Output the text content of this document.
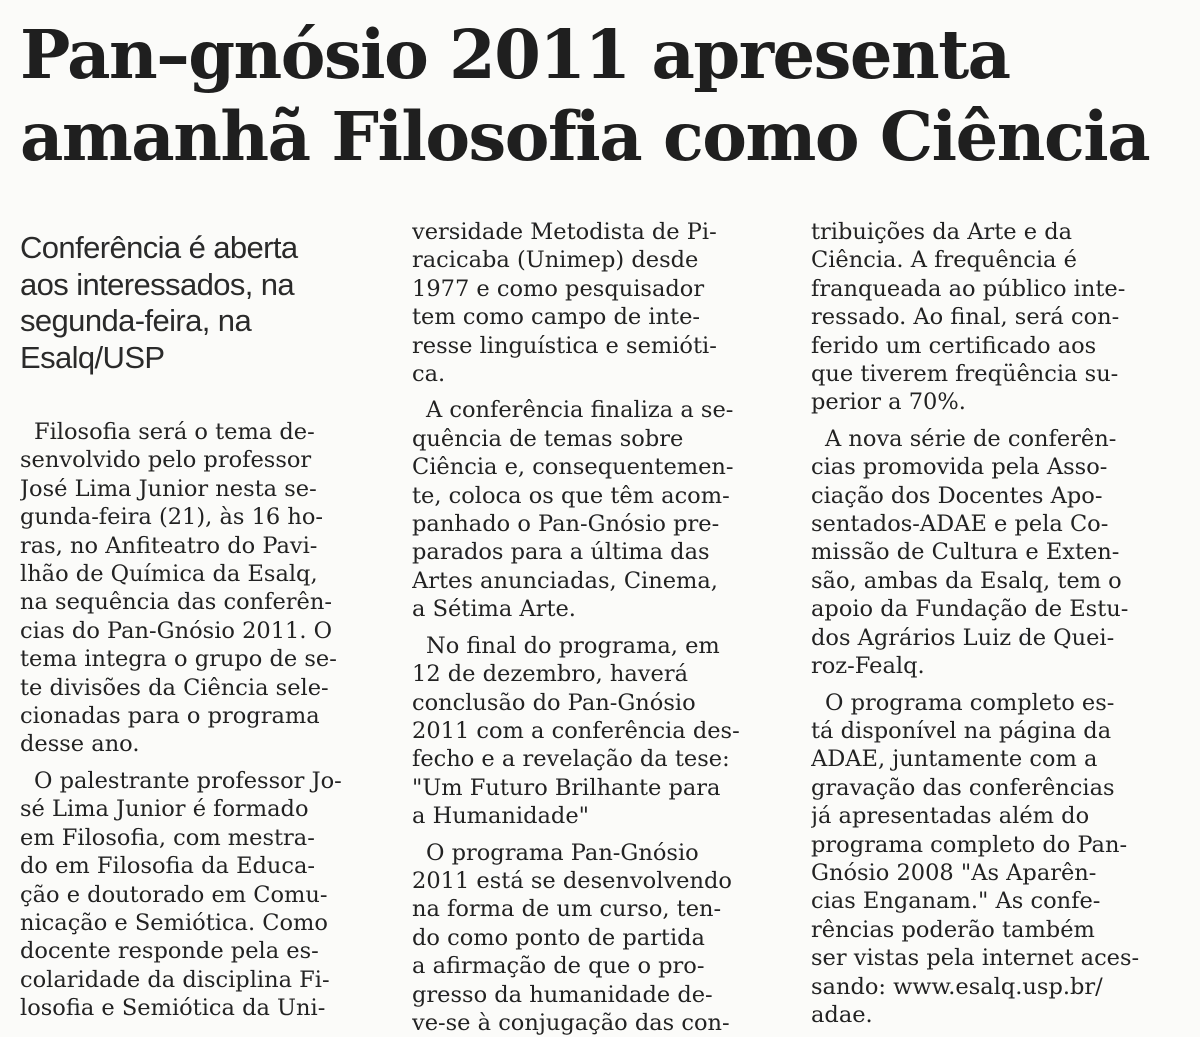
Pan–gnósio 2011 apresenta
amanhã Filosofia como Ciência
Conferência é aberta
aos interessados, na
segunda-feira, na
Esalq/USP
Filosofia será o tema de-
senvolvido pelo professor
José Lima Junior nesta se-
gunda-feira (21), às 16 ho-
ras, no Anfiteatro do Pavi-
lhão de Química da Esalq,
na sequência das conferên-
cias do Pan-Gnósio 2011. O
tema integra o grupo de se-
te divisões da Ciência sele-
cionadas para o programa
desse ano.
O palestrante professor Jo-
sé Lima Junior é formado
em Filosofia, com mestra-
do em Filosofia da Educa-
ção e doutorado em Comu-
nicação e Semiótica. Como
docente responde pela es-
colaridade da disciplina Fi-
losofia e Semiótica da Uni-
versidade Metodista de Pi-
racicaba (Unimep) desde
1977 e como pesquisador
tem como campo de inte-
resse linguística e semióti-
ca.
A conferência finaliza a se-
quência de temas sobre
Ciência e, consequentemen-
te, coloca os que têm acom-
panhado o Pan-Gnósio pre-
parados para a última das
Artes anunciadas, Cinema,
a Sétima Arte.
No final do programa, em
12 de dezembro, haverá
conclusão do Pan-Gnósio
2011 com a conferência des-
fecho e a revelação da tese:
"Um Futuro Brilhante para
a Humanidade"
O programa Pan-Gnósio
2011 está se desenvolvendo
na forma de um curso, ten-
do como ponto de partida
a afirmação de que o pro-
gresso da humanidade de-
ve-se à conjugação das con-
tribuições da Arte e da
Ciência. A frequência é
franqueada ao público inte-
ressado. Ao final, será con-
ferido um certificado aos
que tiverem freqüência su-
perior a 70%.
A nova série de conferên-
cias promovida pela Asso-
ciação dos Docentes Apo-
sentados-ADAE e pela Co-
missão de Cultura e Exten-
são, ambas da Esalq, tem o
apoio da Fundação de Estu-
dos Agrários Luiz de Quei-
roz-Fealq.
O programa completo es-
tá disponível na página da
ADAE, juntamente com a
gravação das conferências
já apresentadas além do
programa completo do Pan-
Gnósio 2008 "As Aparên-
cias Enganam." As confe-
rências poderão também
ser vistas pela internet aces-
sando: www.esalq.usp.br/
adae.
